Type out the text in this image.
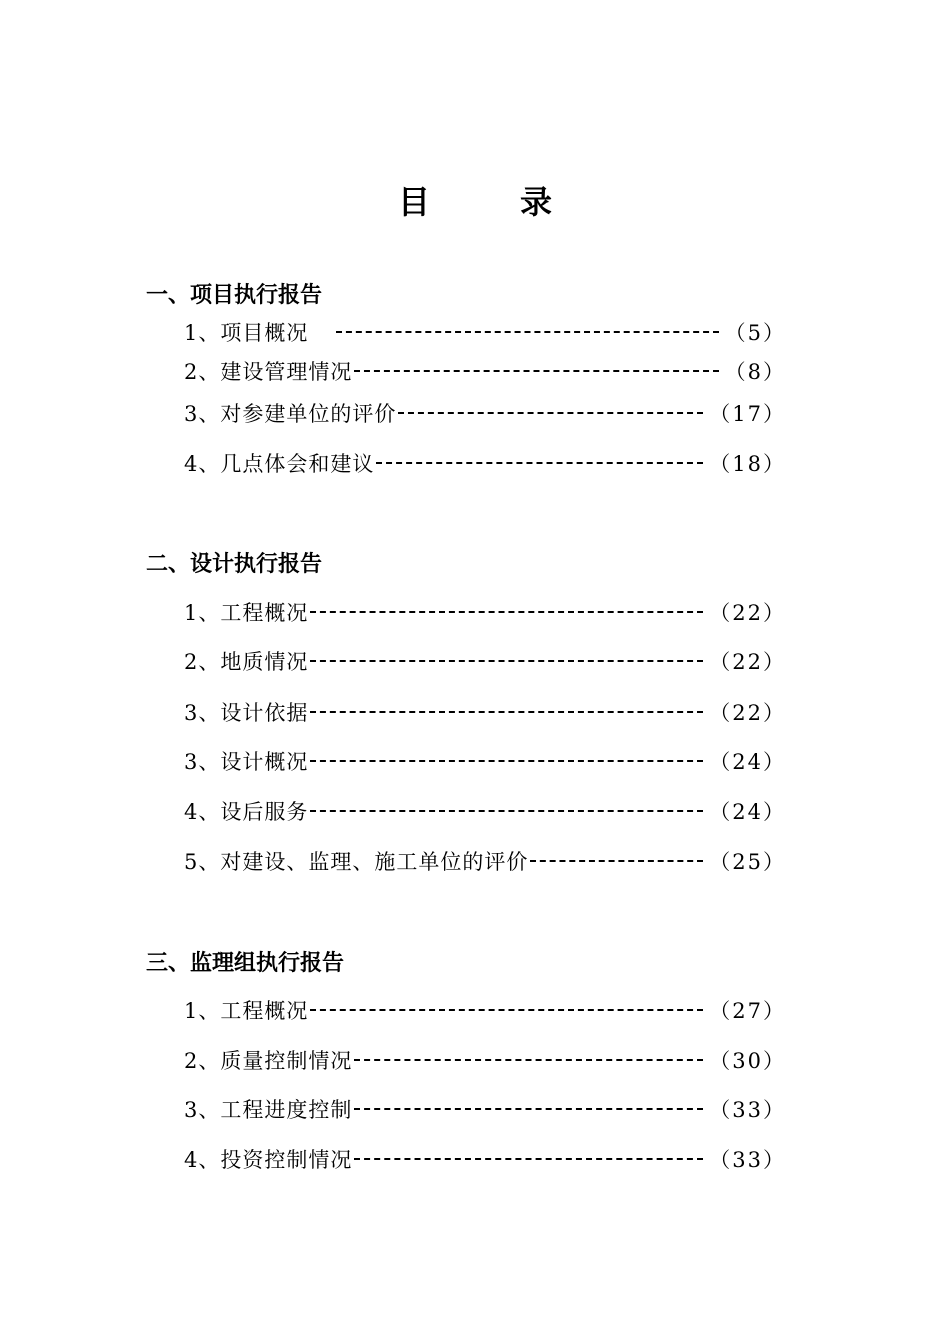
目	录
一、项目执行报告
1、项目概况	（5）
2、建设管理情况	（8）
3、对参建单位的评价	（17）
4、几点体会和建议	（18）
二、设计执行报告
1、工程概况	（22）
2、地质情况	（22）
3、设计依据	（22）
3、设计概况	（24）
4、设后服务	（24）
5、对建设、监理、施工单位的评价	（25）
三、监理组执行报告
1、工程概况	（27）
2、质量控制情况	（30）
3、工程进度控制	（33）
4、投资控制情况	（33）
